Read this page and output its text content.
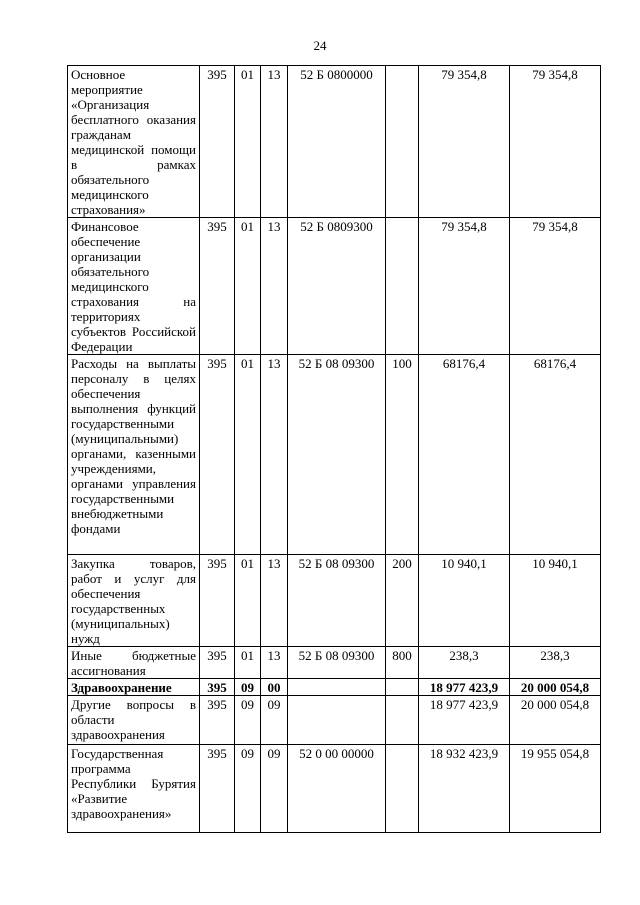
24
Основное мероприятие «Организация бесплатного оказания гражданам медицинской помощи в рамках обязательного медицинского страхования»	395	01	13	52 Б 0800000		79 354,8	79 354,8
Финансовое обеспечение организации обязательного медицинского страхования на территориях субъектов Российской Федерации	395	01	13	52 Б 0809300		79 354,8	79 354,8
Расходы на выплаты персоналу в целях обеспечения выполнения функций государственными (муниципальными) органами, казенными учреждениями, органами управления государственными внебюджетными фондами	395	01	13	52 Б 08 09300	100	68176,4	68176,4
Закупка товаров, работ и услуг для обеспечения государственных (муниципальных) нужд	395	01	13	52 Б 08 09300	200	10 940,1	10 940,1
Иные бюджетные ассигнования	395	01	13	52 Б 08 09300	800	238,3	238,3
Здравоохранение	395	09	00			18 977 423,9	20 000 054,8
Другие вопросы в области здравоохранения	395	09	09			18 977 423,9	20 000 054,8
Государственная программа Республики Бурятия «Развитие здравоохранения»	395	09	09	52 0 00 00000		18 932 423,9	19 955 054,8
